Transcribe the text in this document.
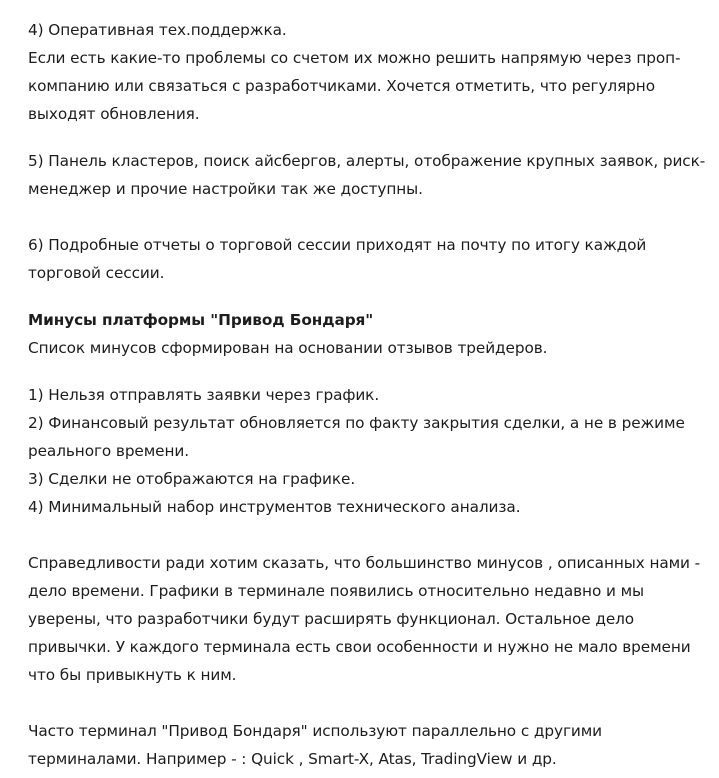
4) Оперативная тех.поддержка.
Если есть какие-то проблемы со счетом их можно решить напрямую через проп-
компанию или связаться с разработчиками. Хочется отметить, что регулярно
выходят обновления.
5) Панель кластеров, поиск айсбергов, алерты, отображение крупных заявок, риск-
менеджер и прочие настройки так же доступны.
6) Подробные отчеты о торговой сессии приходят на почту по итогу каждой
торговой сессии.
Минусы платформы "Привод Бондаря"
Список минусов сформирован на основании отзывов трейдеров.
1) Нельзя отправлять заявки через график.
2) Финансовый результат обновляется по факту закрытия сделки, а не в режиме
реального времени.
3) Сделки не отображаются на графике.
4) Минимальный набор инструментов технического анализа.
Справедливости ради хотим сказать, что большинство минусов , описанных нами -
дело времени. Графики в терминале появились относительно недавно и мы
уверены, что разработчики будут расширять функционал. Остальное дело
привычки. У каждого терминала есть свои особенности и нужно не мало времени
что бы привыкнуть к ним.
Часто терминал "Привод Бондаря" используют параллельно с другими
терминалами. Например - : Quick , Smart-X, Atas, TradingView и др.
